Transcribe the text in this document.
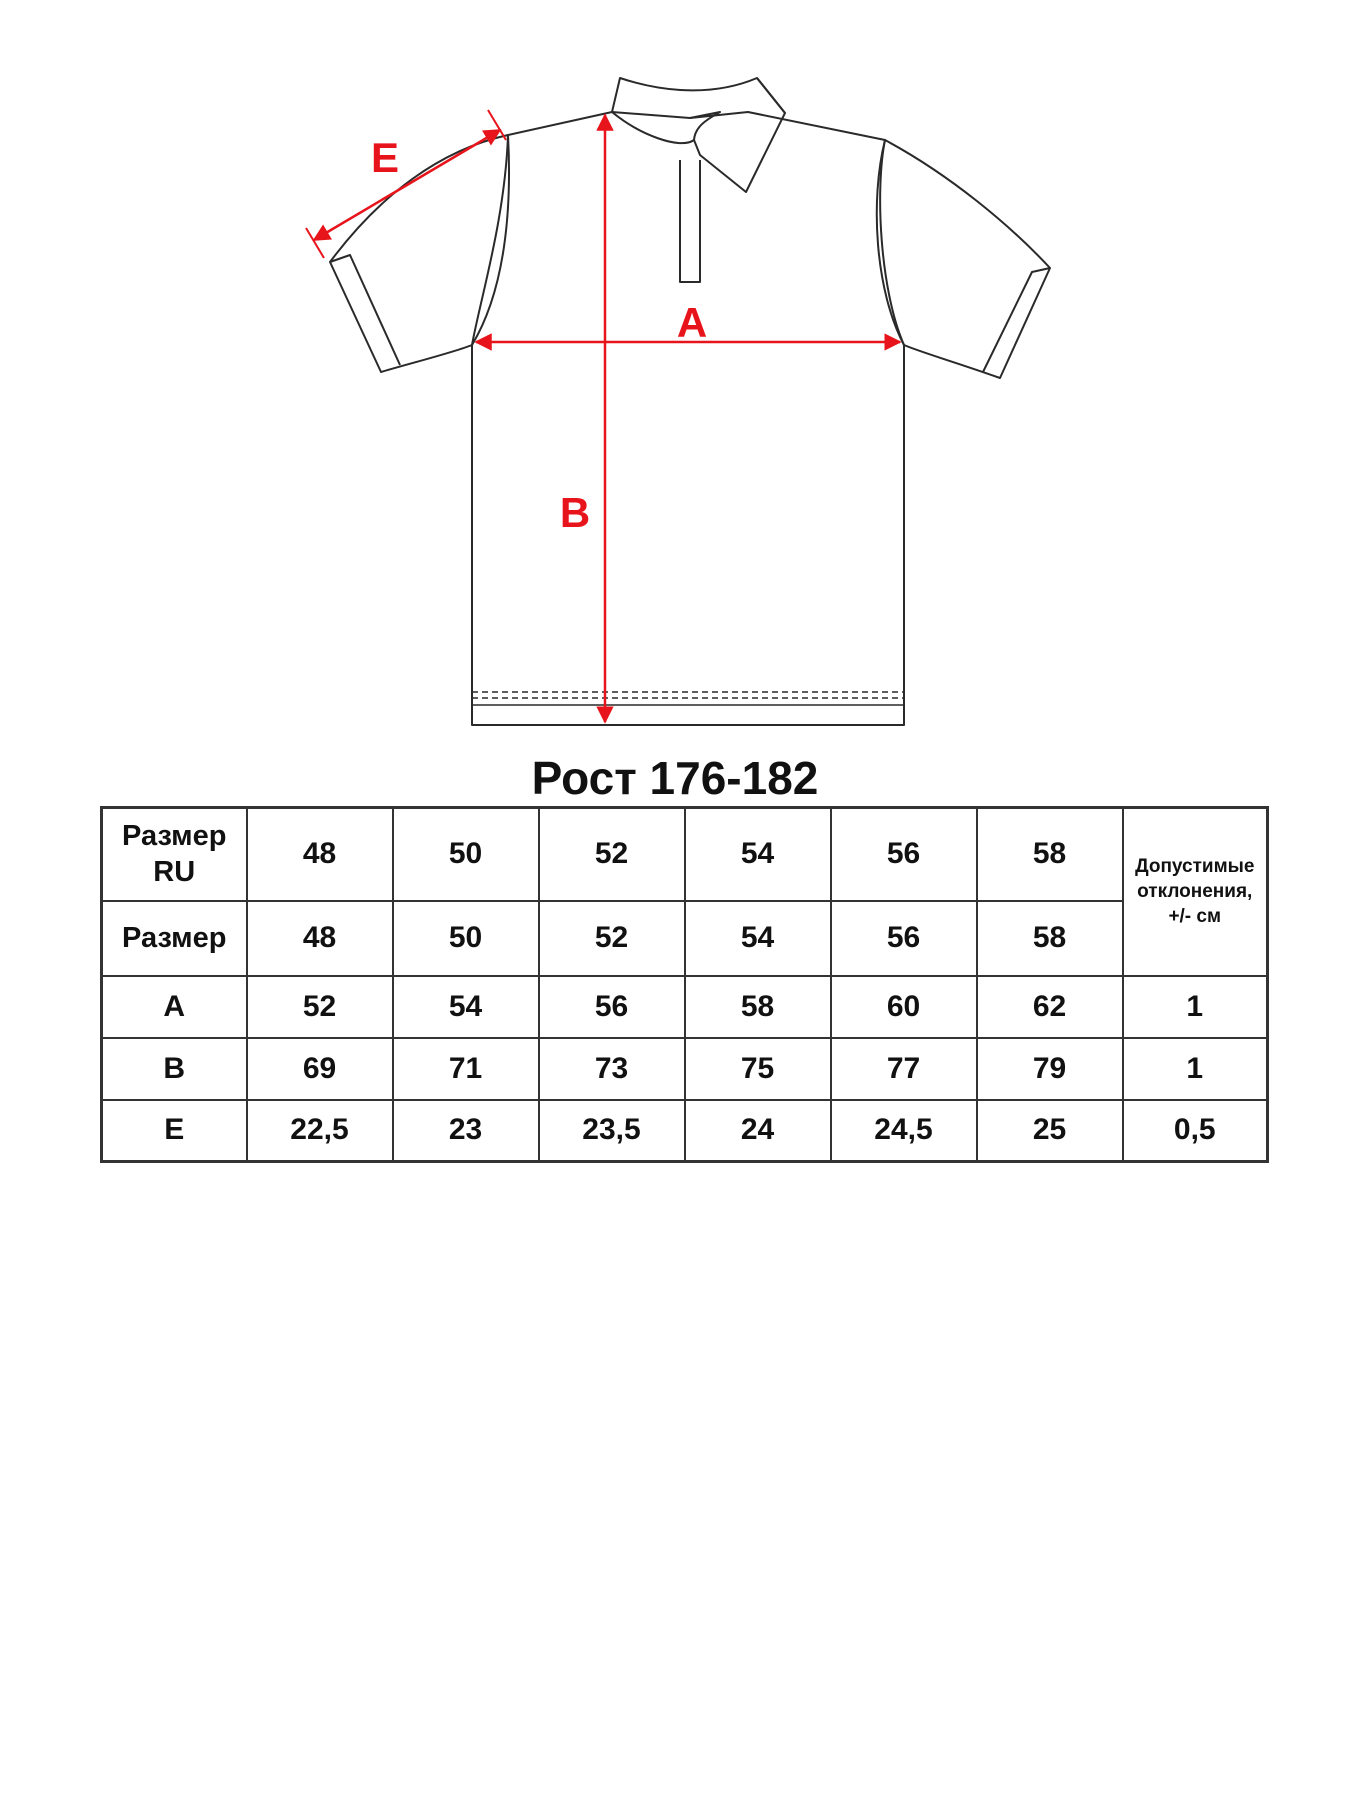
A
B
E
Рост 176-182
Размер RU	48	50	52	54	56	58	Допустимые отклонения, +/- см
Размер	48	50	52	54	56	58	
A	52	54	56	58	60	62	1
B	69	71	73	75	77	79	1
E	22,5	23	23,5	24	24,5	25	0,5
